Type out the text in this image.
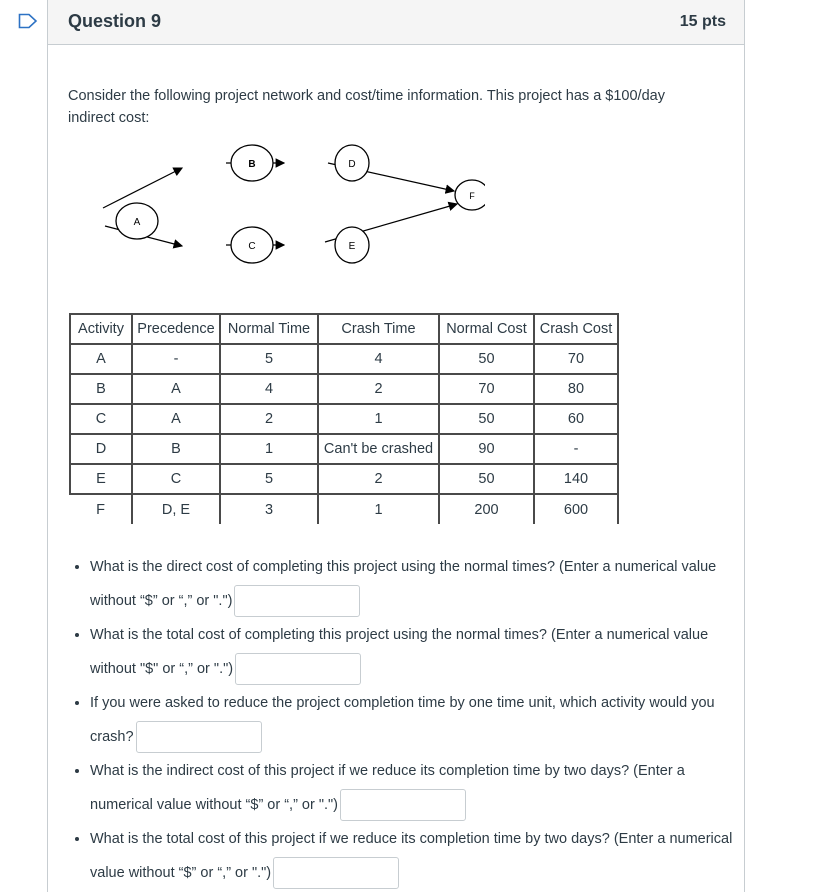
Question 9	15 pts
Consider the following project network and cost/time information. This project has a $100/day indirect cost:
A
B
C
D
E
F
Activity	Precedence	Normal Time	Crash Time	Normal Cost	Crash Cost
A	-	5	4	50	70
B	A	4	2	70	80
C	A	2	1	50	60
D	B	1	Can't be crashed	90	-
E	C	5	2	50	140
F	D, E	3	1	200	600
• What is the direct cost of completing this project using the normal times? (Enter a numerical value without “$” or “,” or ".")
• What is the total cost of completing this project using the normal times? (Enter a numerical value without "$" or “,” or ".")
• If you were asked to reduce the project completion time by one time unit, which activity would you crash?
• What is the indirect cost of this project if we reduce its completion time by two days? (Enter a numerical value without “$” or “,” or ".")
• What is the total cost of this project if we reduce its completion time by two days? (Enter a numerical value without “$” or “,” or ".")
